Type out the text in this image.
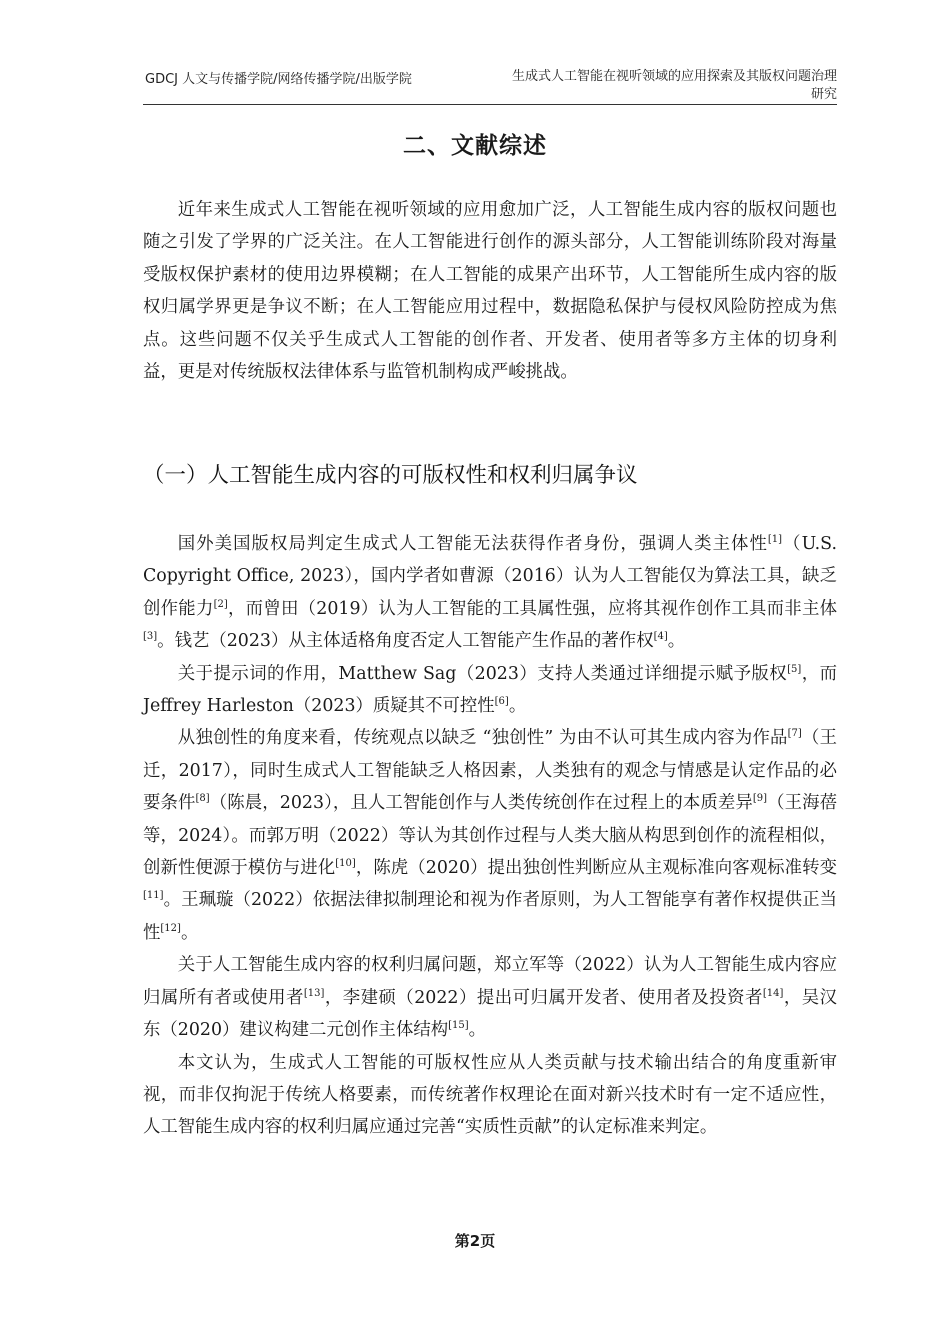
GDCJ 人文与传播学院/网络传播学院/出版学院	生成式人工智能在视听领域的应用探索及其版权问题治理研究
二、文献综述

近年来生成式人工智能在视听领域的应用愈加广泛，人工智能生成内容的版权问题也随之引发了学界的广泛关注。在人工智能进行创作的源头部分，人工智能训练阶段对海量受版权保护素材的使用边界模糊；在人工智能的成果产出环节，人工智能所生成内容的版权归属学界更是争议不断；在人工智能应用过程中，数据隐私保护与侵权风险防控成为焦点。这些问题不仅关乎生成式人工智能的创作者、开发者、使用者等多方主体的切身利益，更是对传统版权法律体系与监管机制构成严峻挑战。

（一）人工智能生成内容的可版权性和权利归属争议

国外美国版权局判定生成式人工智能无法获得作者身份，强调人类主体性[1]（U.S. Copyright Office, 2023），国内学者如曹源（2016）认为人工智能仅为算法工具，缺乏创作能力[2]，而曾田（2019）认为人工智能的工具属性强，应将其视作创作工具而非主体[3]。钱艺（2023）从主体适格角度否定人工智能产生作品的著作权[4]。

关于提示词的作用，Matthew Sag（2023）支持人类通过详细提示赋予版权[5]，而 Jeffrey Harleston（2023）质疑其不可控性[6]。

从独创性的角度来看，传统观点以缺乏 “独创性” 为由不认可其生成内容为作品[7]（王迁，2017），同时生成式人工智能缺乏人格因素，人类独有的观念与情感是认定作品的必要条件[8]（陈晨，2023），且人工智能创作与人类传统创作在过程上的本质差异[9]（王海蓓等，2024）。而郭万明（2022）等认为其创作过程与人类大脑从构思到创作的流程相似，创新性便源于模仿与进化[10]，陈虎（2020）提出独创性判断应从主观标准向客观标准转变[11]。王珮璇（2022）依据法律拟制理论和视为作者原则，为人工智能享有著作权提供正当性[12]。

关于人工智能生成内容的权利归属问题，郑立军等（2022）认为人工智能生成内容应归属所有者或使用者[13]，李建硕（2022）提出可归属开发者、使用者及投资者[14]，吴汉东（2020）建议构建二元创作主体结构[15]。

本文认为，生成式人工智能的可版权性应从人类贡献与技术输出结合的角度重新审视，而非仅拘泥于传统人格要素，而传统著作权理论在面对新兴技术时有一定不适应性，人工智能生成内容的权利归属应通过完善“实质性贡献”的认定标准来判定。

第2页
